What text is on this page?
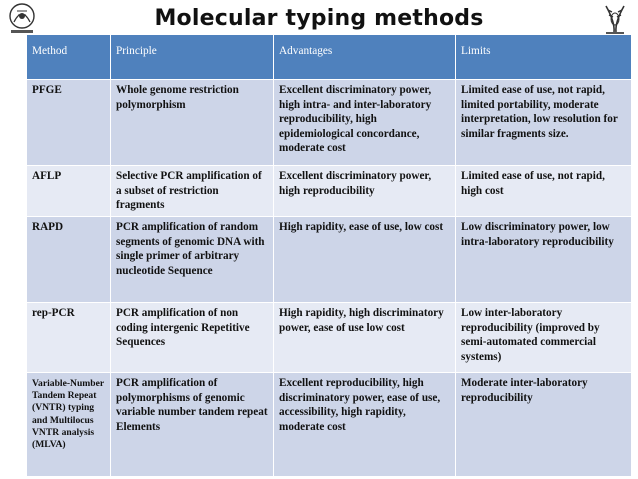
Molecular typing methods
Method	Principle	Advantages	Limits
PFGE	Whole genome restriction polymorphism	Excellent discriminatory power, high intra- and inter-laboratory reproducibility, high epidemiological concordance, moderate cost	Limited ease of use, not rapid, limited portability, moderate interpretation, low resolution for similar fragments size.
AFLP	Selective PCR amplification of a subset of restriction fragments	Excellent discriminatory power, high reproducibility	Limited ease of use, not rapid, high cost
RAPD	PCR amplification of random segments of genomic DNA with single primer of arbitrary nucleotide Sequence	High rapidity, ease of use, low cost	Low discriminatory power, low intra-laboratory reproducibility
rep-PCR	PCR amplification of non coding intergenic Repetitive Sequences	High rapidity, high discriminatory power, ease of use low cost	Low inter-laboratory reproducibility (improved by semi-automated commercial systems)
Variable-Number Tandem Repeat (VNTR) typing and Multilocus VNTR analysis (MLVA)	PCR amplification of polymorphisms of genomic variable number tandem repeat Elements	Excellent reproducibility, high discriminatory power, ease of use, accessibility, high rapidity, moderate cost	Moderate inter-laboratory reproducibility
